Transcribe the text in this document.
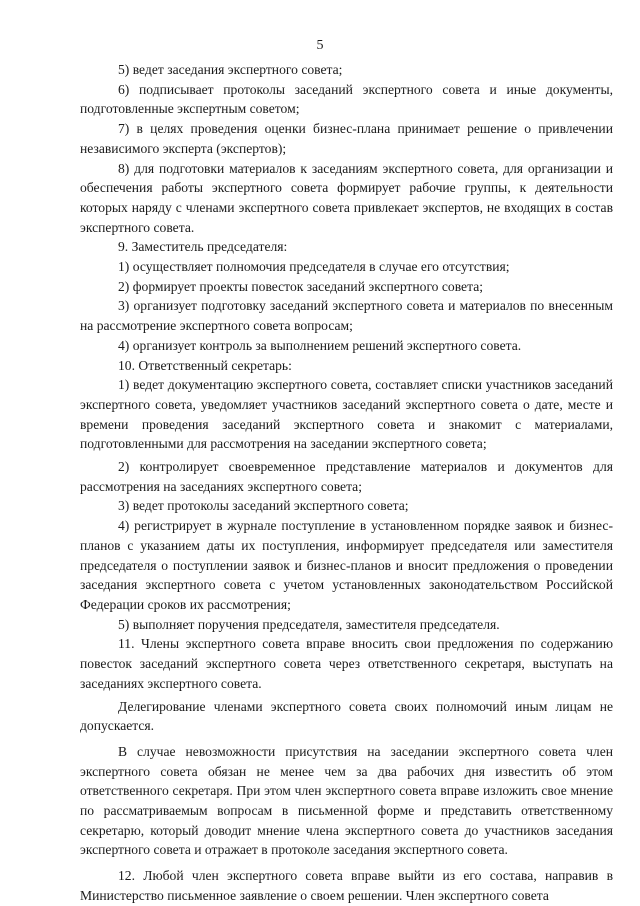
5

5) ведет заседания экспертного совета;

6) подписывает протоколы заседаний экспертного совета и иные документы, подготовленные экспертным советом;

7) в целях проведения оценки бизнес-плана принимает решение о привлечении независимого эксперта (экспертов);

8) для подготовки материалов к заседаниям экспертного совета, для организации и обеспечения работы экспертного совета формирует рабочие группы, к деятельности которых наряду с членами экспертного совета привлекает экспертов, не входящих в состав экспертного совета.

9. Заместитель председателя:

1) осуществляет полномочия председателя в случае его отсутствия;

2) формирует проекты повесток заседаний экспертного совета;

3) организует подготовку заседаний экспертного совета и материалов по внесенным на рассмотрение экспертного совета вопросам;

4) организует контроль за выполнением решений экспертного совета.

10. Ответственный секретарь:

1) ведет документацию экспертного совета, составляет списки участников заседаний экспертного совета, уведомляет участников заседаний экспертного совета о дате, месте и времени проведения заседаний экспертного совета и знакомит с материалами, подготовленными для рассмотрения на заседании экспертного совета;

2) контролирует своевременное представление материалов и документов для рассмотрения на заседаниях экспертного совета;

3) ведет протоколы заседаний экспертного совета;

4) регистрирует в журнале поступление в установленном порядке заявок и бизнес-планов с указанием даты их поступления, информирует председателя или заместителя председателя о поступлении заявок и бизнес-планов и вносит предложения о проведении заседания экспертного совета с учетом установленных законодательством Российской Федерации сроков их рассмотрения;

5) выполняет поручения председателя, заместителя председателя.

11. Члены экспертного совета вправе вносить свои предложения по содержанию повесток заседаний экспертного совета через ответственного секретаря, выступать на заседаниях экспертного совета.

Делегирование членами экспертного совета своих полномочий иным лицам не допускается.

В случае невозможности присутствия на заседании экспертного совета член экспертного совета обязан не менее чем за два рабочих дня известить об этом ответственного секретаря. При этом член экспертного совета вправе изложить свое мнение по рассматриваемым вопросам в письменной форме и представить ответственному секретарю, который доводит мнение члена экспертного совета до участников заседания экспертного совета и отражает в протоколе заседания экспертного совета.

12. Любой член экспертного совета вправе выйти из его состава, направив в Министерство письменное заявление о своем решении. Член экспертного совета
